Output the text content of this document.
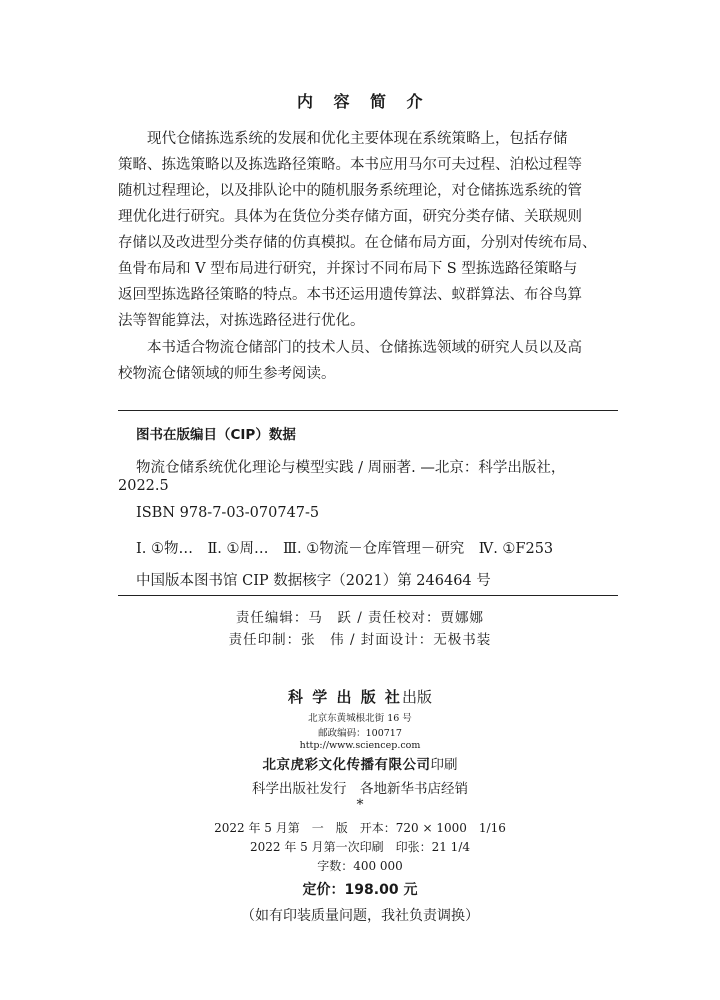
内 容 简 介
现代仓储拣选系统的发展和优化主要体现在系统策略上，包括存储
策略、拣选策略以及拣选路径策略。本书应用马尔可夫过程、泊松过程等
随机过程理论，以及排队论中的随机服务系统理论，对仓储拣选系统的管
理优化进行研究。具体为在货位分类存储方面，研究分类存储、关联规则
存储以及改进型分类存储的仿真模拟。在仓储布局方面，分别对传统布局、
鱼骨布局和 V 型布局进行研究，并探讨不同布局下 S 型拣选路径策略与
返回型拣选路径策略的特点。本书还运用遗传算法、蚁群算法、布谷鸟算
法等智能算法，对拣选路径进行优化。
本书适合物流仓储部门的技术人员、仓储拣选领域的研究人员以及高
校物流仓储领域的师生参考阅读。
图书在版编目（CIP）数据
物流仓储系统优化理论与模型实践 / 周丽著. —北京：科学出版社，
2022.5
ISBN 978-7-03-070747-5
Ⅰ. ①物…　Ⅱ. ①周…　Ⅲ. ①物流－仓库管理－研究　Ⅳ. ①F253
中国版本图书馆 CIP 数据核字（2021）第 246464 号
责任编辑：马　跃 / 责任校对：贾娜娜
责任印制：张　伟 / 封面设计：无极书装
科 学 出 版 社出版
北京东黄城根北街 16 号
邮政编码：100717
http://www.sciencep.com
北京虎彩文化传播有限公司印刷
科学出版社发行　各地新华书店经销
*
2022 年 5 月第　一　版　开本：720 × 1000　1/16
2022 年 5 月第一次印刷　印张：21 1/4
字数：400 000
定价：198.00 元
（如有印装质量问题，我社负责调换）
